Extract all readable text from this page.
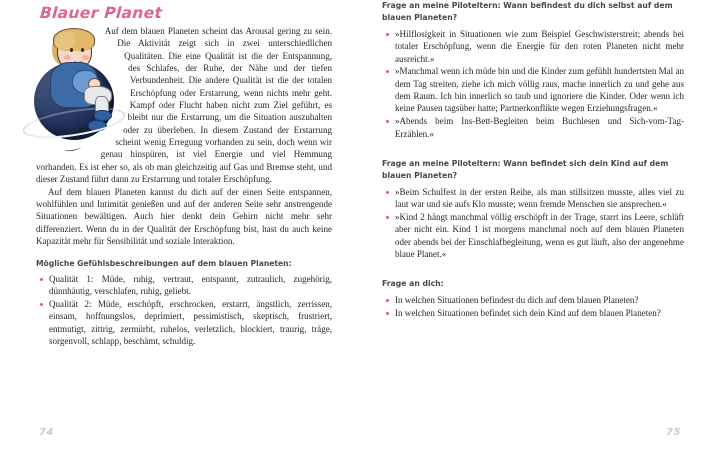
Blauer Planet

Auf dem blauen Planeten scheint das Arousal gering zu sein. Die Aktivität zeigt sich in zwei unterschiedlichen Qualitäten. Die eine Qualität ist die der Entspannung, des Schlafes, der Ruhe, der Nähe und der tiefen Verbundenheit. Die andere Qualität ist die der totalen Erschöpfung oder Erstarrung, wenn nichts mehr geht. Kampf oder Flucht haben nicht zum Ziel geführt, es bleibt nur die Erstarrung, um die Situation auszuhalten oder zu überleben. In diesem Zustand der Erstarrung scheint wenig Erregung vorhanden zu sein, doch wenn wir genau hinspüren, ist viel Energie und viel Hemmung vorhanden. Es ist eher so, als ob man gleichzeitig auf Gas und Bremse steht, und dieser Zustand führt dann zu Erstarrung und totaler Erschöpfung.

Auf dem blauen Planeten kannst du dich auf der einen Seite entspannen, wohlfühlen und Intimität genießen und auf der anderen Seite sehr anstrengende Situationen bewältigen. Auch hier denkt dein Gehirn nicht mehr sehr differenziert. Wenn du in der Qualität der Erschöpfung bist, hast du auch keine Kapazität mehr für Sensibilität und soziale Interaktion.

Mögliche Gefühlsbeschreibungen auf dem blauen Planeten:

Qualität 1: Müde, ruhig, vertraut, entspannt, zutraulich, zugehörig, dünnhäutig, verschlafen, ruhig, geliebt.
Qualität 2: Müde, erschöpft, erschrocken, erstarrt, ängstlich, zerrissen, einsam, hoffnungslos, deprimiert, pessimistisch, skeptisch, frustriert, entmutigt, zittrig, zermürbt, ruhelos, verletzlich, blockiert, traurig, träge, sorgenvoll, schlapp, beschämt, schuldig.
74

Frage an meine Piloteltern: Wann befindest du dich selbst auf dem blauen Planeten?

»Hilflosigkeit in Situationen wie zum Beispiel Geschwisterstreit; abends bei totaler Erschöpfung, wenn die Energie für den roten Planeten nicht mehr ausreicht.«
»Manchmal wenn ich müde bin und die Kinder zum gefühlt hundertsten Mal an dem Tag streiten, ziehe ich mich völlig raus, mache innerlich zu und gehe aus dem Raum. Ich bin innerlich so taub und ignoriere die Kinder. Oder wenn ich keine Pausen tagsüber hatte; Partnerkonflikte wegen Erziehungsfragen.«
»Abends beim Ins-Bett-Begleiten beim Buchlesen und Sich-vom-Tag-Erzählen.«

Frage an meine Piloteltern: Wann befindet sich dein Kind auf dem blauen Planeten?

»Beim Schulfest in der ersten Reihe, als man stillsitzen musste, alles viel zu laut war und sie aufs Klo musste; wenn fremde Menschen sie ansprechen.«
»Kind 2 hängt manchmal völlig erschöpft in der Trage, starrt ins Leere, schläft aber nicht ein. Kind 1 ist morgens manchmal noch auf dem blauen Planeten oder abends bei der Einschlafbegleitung, wenn es gut läuft, also der angenehme blaue Planet.«

Frage an dich:

In welchen Situationen befindest du dich auf dem blauen Planeten?
In welchen Situationen befindet sich dein Kind auf dem blauen Planeten?
75
